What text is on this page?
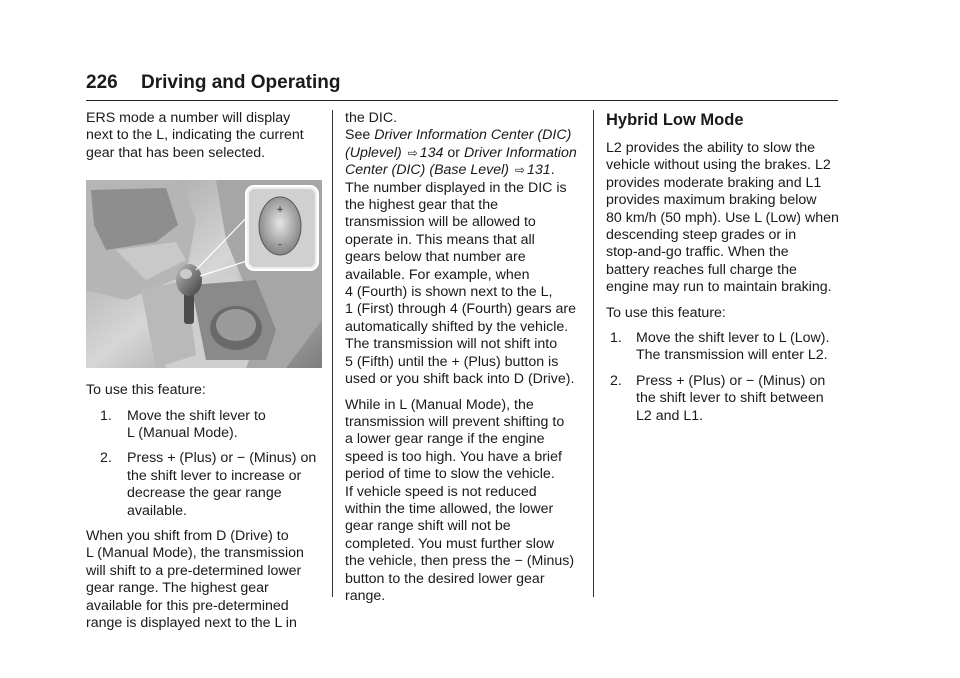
226 Driving and Operating

ERS mode a number will display
next to the L, indicating the current
gear that has been selected.

+
–

To use this feature:

1. Move the shift lever to
L (Manual Mode).
2. Press + (Plus) or − (Minus) on
the shift lever to increase or
decrease the gear range
available.

When you shift from D (Drive) to
L (Manual Mode), the transmission
will shift to a pre-determined lower
gear range. The highest gear
available for this pre-determined
range is displayed next to the L in

the DIC.
See Driver Information Center (DIC)
(Uplevel) ⇨ 134 or Driver Information
Center (DIC) (Base Level) ⇨ 131.
The number displayed in the DIC is
the highest gear that the
transmission will be allowed to
operate in. This means that all
gears below that number are
available. For example, when
4 (Fourth) is shown next to the L,
1 (First) through 4 (Fourth) gears are
automatically shifted by the vehicle.
The transmission will not shift into
5 (Fifth) until the + (Plus) button is
used or you shift back into D (Drive).

While in L (Manual Mode), the
transmission will prevent shifting to
a lower gear range if the engine
speed is too high. You have a brief
period of time to slow the vehicle.
If vehicle speed is not reduced
within the time allowed, the lower
gear range shift will not be
completed. You must further slow
the vehicle, then press the − (Minus)
button to the desired lower gear
range.

Hybrid Low Mode

L2 provides the ability to slow the
vehicle without using the brakes. L2
provides moderate braking and L1
provides maximum braking below
80 km/h (50 mph). Use L (Low) when
descending steep grades or in
stop-and-go traffic. When the
battery reaches full charge the
engine may run to maintain braking.

To use this feature:

1. Move the shift lever to L (Low).
The transmission will enter L2.
2. Press + (Plus) or − (Minus) on
the shift lever to shift between
L2 and L1.
